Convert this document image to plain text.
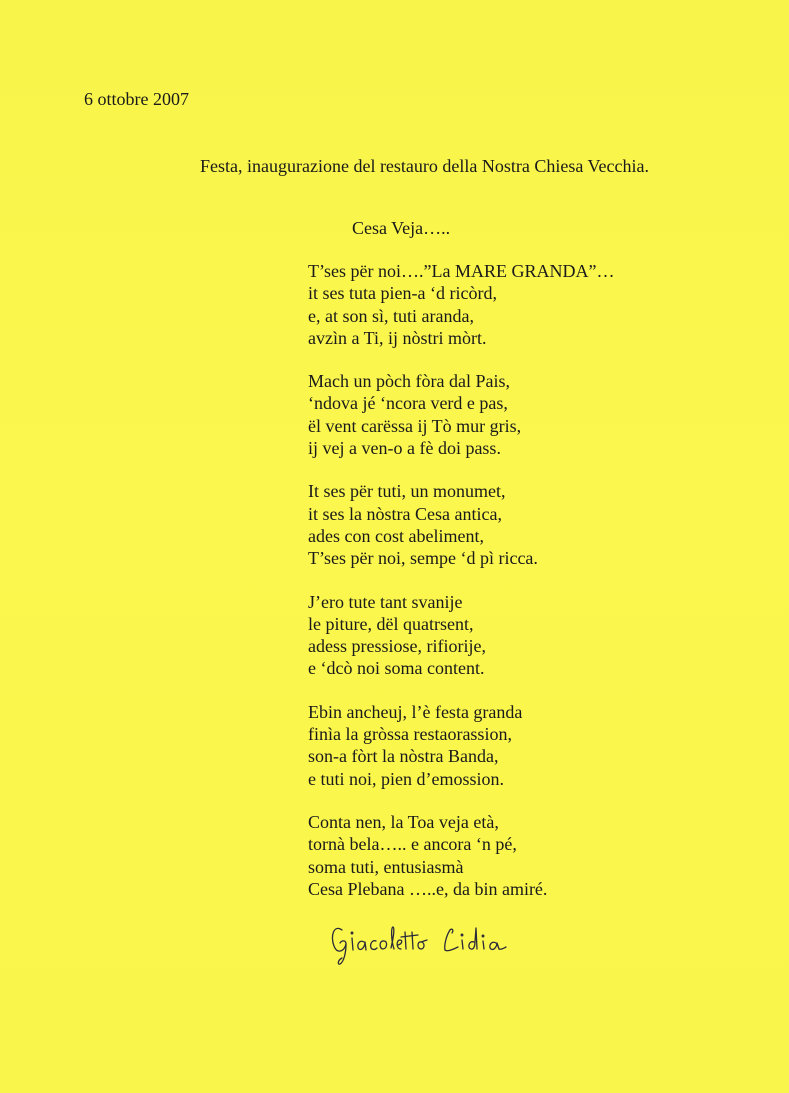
6 ottobre 2007
Festa, inaugurazione del restauro della Nostra Chiesa Vecchia.
Cesa Veja…..
T’ses për noi….”La MARE GRANDA”…
it ses tuta pien-a ‘d ricòrd,
e, at son sì, tuti aranda,
avzìn a Ti, ij nòstri mòrt.
Mach un pòch fòra dal Pais,
‘ndova jé ‘ncora verd e pas,
ël vent carëssa ij Tò mur gris,
ij vej a ven-o a fè doi pass.
It ses për tuti, un monumet,
it ses la nòstra Cesa antica,
ades con cost abeliment,
T’ses për noi, sempe ‘d pì ricca.
J’ero tute tant svanije
le piture, dël quatrsent,
adess pressiose, rifiorije,
e ‘dcò noi soma content.
Ebin ancheuj, l’è festa granda
finìa la gròssa restaorassion,
son-a fòrt la nòstra Banda,
e tuti noi, pien d’emossion.
Conta nen, la Toa veja età,
tornà bela….. e ancora ‘n pé,
soma tuti, entusiasmà
Cesa Plebana …..e, da bin amiré.
